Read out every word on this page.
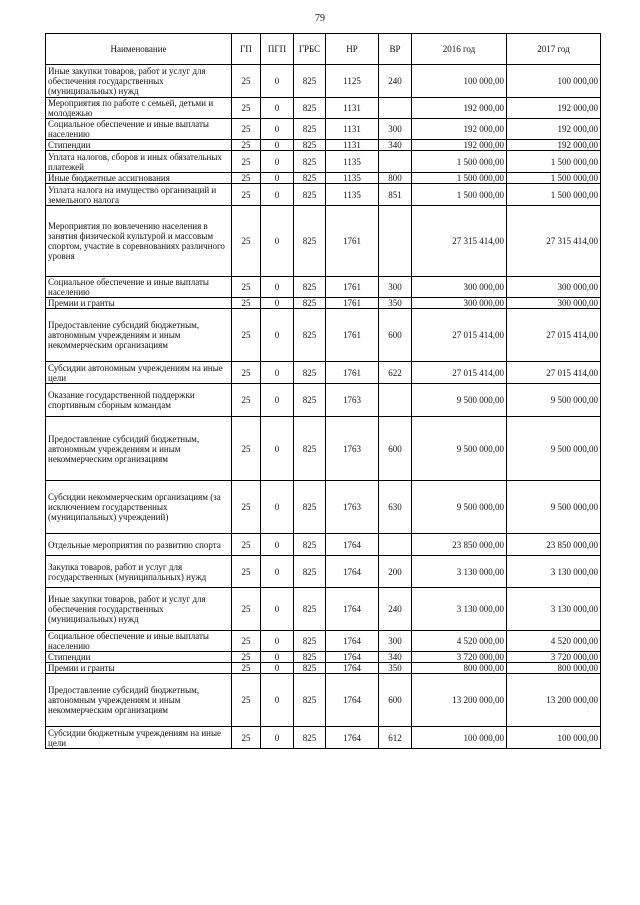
79
Наименование	ГП	ПГП	ГРБС	НР	ВР	2016 год	2017 год
Иные закупки товаров, работ и услуг для обеспечения государственных (муниципальных) нужд	25	0	825	1125	240	100 000,00	100 000,00
Мероприятия по работе с семьей, детьми и молодежью	25	0	825	1131		192 000,00	192 000,00
Социальное обеспечение и иные выплаты населению	25	0	825	1131	300	192 000,00	192 000,00
Стипендии	25	0	825	1131	340	192 000,00	192 000,00
Уплата налогов, сборов и иных обязательных платежей	25	0	825	1135		1 500 000,00	1 500 000,00
Иные бюджетные ассигнования	25	0	825	1135	800	1 500 000,00	1 500 000,00
Уплата налога на имущество организаций и земельного налога	25	0	825	1135	851	1 500 000,00	1 500 000,00
Мероприятия по вовлечению населения в занятия физической культурой и массовым спортом, участие в соревнованиях различного уровня	25	0	825	1761		27 315 414,00	27 315 414,00
Социальное обеспечение и иные выплаты населению	25	0	825	1761	300	300 000,00	300 000,00
Премии и гранты	25	0	825	1761	350	300 000,00	300 000,00
Предоставление субсидий бюджетным, автономным учреждениям и иным некоммерческим организациям	25	0	825	1761	600	27 015 414,00	27 015 414,00
Субсидии автономным учреждениям на иные цели	25	0	825	1761	622	27 015 414,00	27 015 414,00
Оказание государственной поддержки спортивным сборным командам	25	0	825	1763		9 500 000,00	9 500 000,00
Предоставление субсидий бюджетным, автономным учреждениям и иным некоммерческим организациям	25	0	825	1763	600	9 500 000,00	9 500 000,00
Субсидии некоммерческим организациям (за исключением государственных (муниципальных) учреждений)	25	0	825	1763	630	9 500 000,00	9 500 000,00
Отдельные мероприятия по развитию спорта	25	0	825	1764		23 850 000,00	23 850 000,00
Закупка товаров, работ и услуг для государственных (муниципальных) нужд	25	0	825	1764	200	3 130 000,00	3 130 000,00
Иные закупки товаров, работ и услуг для обеспечения государственных (муниципальных) нужд	25	0	825	1764	240	3 130 000,00	3 130 000,00
Социальное обеспечение и иные выплаты населению	25	0	825	1764	300	4 520 000,00	4 520 000,00
Стипендии	25	0	825	1764	340	3 720 000,00	3 720 000,00
Премии и гранты	25	0	825	1764	350	800 000,00	800 000,00
Предоставление субсидий бюджетным, автономным учреждениям и иным некоммерческим организациям	25	0	825	1764	600	13 200 000,00	13 200 000,00
Субсидии бюджетным учреждениям на иные цели	25	0	825	1764	612	100 000,00	100 000,00
